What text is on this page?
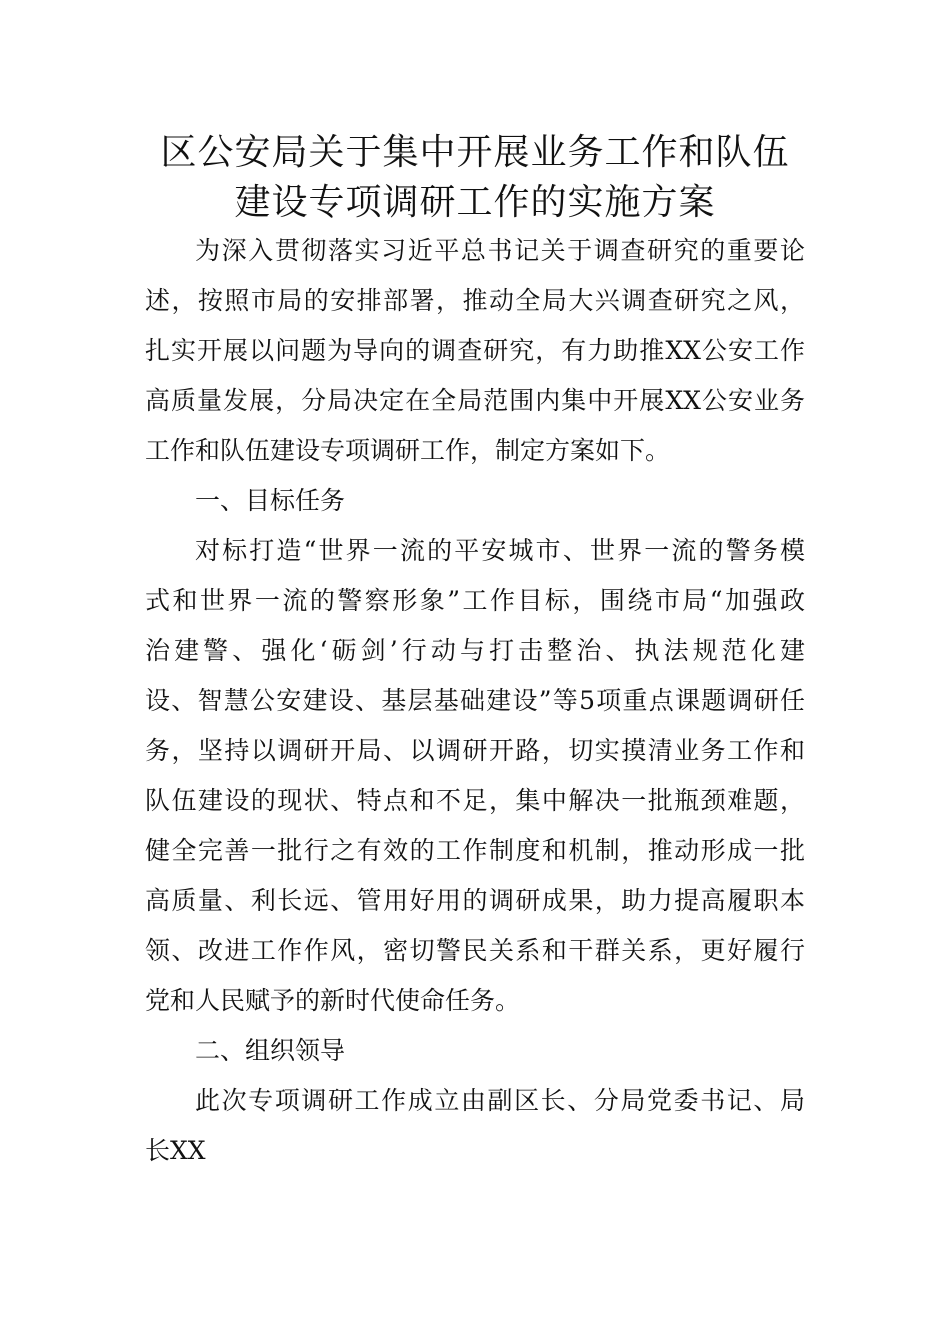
区公安局关于集中开展业务工作和队伍
建设专项调研工作的实施方案
为深入贯彻落实习近平总书记关于调查研究的重要论
述，按照市局的安排部署，推动全局大兴调查研究之风，
扎实开展以问题为导向的调查研究，有力助推XX公安工作
高质量发展，分局决定在全局范围内集中开展XX公安业务
工作和队伍建设专项调研工作，制定方案如下。
一、目标任务
对标打造“世界一流的平安城市、世界一流的警务模
式和世界一流的警察形象”工作目标，围绕市局“加强政
治建警、强化‘砺剑’行动与打击整治、执法规范化建
设、智慧公安建设、基层基础建设”等5项重点课题调研任
务，坚持以调研开局、以调研开路，切实摸清业务工作和
队伍建设的现状、特点和不足，集中解决一批瓶颈难题，
健全完善一批行之有效的工作制度和机制，推动形成一批
高质量、利长远、管用好用的调研成果，助力提高履职本
领、改进工作作风，密切警民关系和干群关系，更好履行
党和人民赋予的新时代使命任务。
二、组织领导
此次专项调研工作成立由副区长、分局党委书记、局
长XX
